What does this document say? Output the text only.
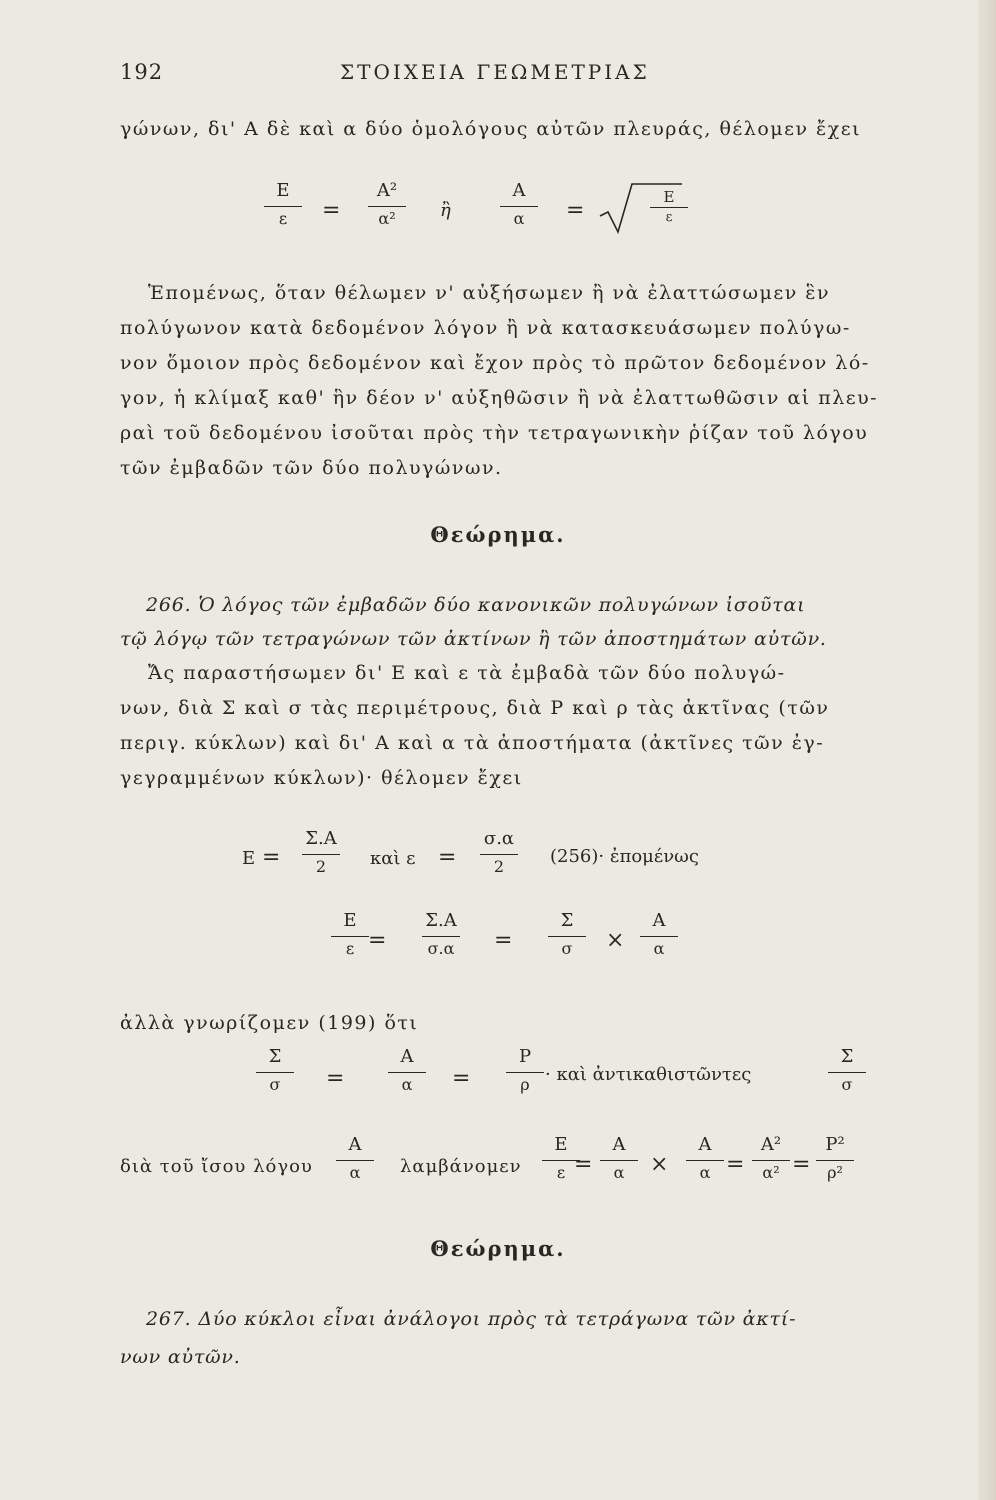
192	ΣΤΟΙΧΕΙΑ ΓΕΩΜΕΤΡΙΑΣ
γώνων, δι' Α δὲ καὶ α δύο ὁμολόγους αὐτῶν πλευράς, θέλομεν ἔχει
Ε
ε	=
Α²
α²	ἢ
Α
α	=
Ε
ε
Ἑπομένως, ὅταν θέλωμεν ν' αὐξήσωμεν ἢ νὰ ἐλαττώσωμεν ἓν
πολύγωνον κατὰ δεδομένον λόγον ἢ νὰ κατασκευάσωμεν πολύγω-
νον ὅμοιον πρὸς δεδομένον καὶ ἔχον πρὸς τὸ πρῶτον δεδομένον λό-
γον, ἡ κλίμαξ καθ' ἣν δέον ν' αὐξηθῶσιν ἢ νὰ ἐλαττωθῶσιν αἱ πλευ-
ραὶ τοῦ δεδομένου ἰσοῦται πρὸς τὴν τετραγωνικὴν ῥίζαν τοῦ λόγου
τῶν ἐμβαδῶν τῶν δύο πολυγώνων.
Θεώρημα.
266. Ὁ λόγος τῶν ἐμβαδῶν δύο κανονικῶν πολυγώνων ἰσοῦται
τῷ λόγῳ τῶν τετραγώνων τῶν ἀκτίνων ἢ τῶν ἀποστημάτων αὐτῶν.
Ἄς παραστήσωμεν δι' Ε καὶ ε τὰ ἐμβαδὰ τῶν δύο πολυγώ-
νων, διὰ Σ καὶ σ τὰς περιμέτρους, διὰ Ρ καὶ ρ τὰς ἀκτῖνας (τῶν
περιγ. κύκλων) καὶ δι' Α καὶ α τὰ ἀποστήματα (ἀκτῖνες τῶν ἐγ-
γεγραμμένων κύκλων)· θέλομεν ἔχει
Ε =
Σ.Α
2	καὶ ε =
σ.α
2	(256)· ἐπομένως
Ε
ε =
Σ.Α
σ.α	=
Σ
σ	×
Α
α
ἀλλὰ γνωρίζομεν (199) ὅτι
Σ
σ	=
Α
α	=
Ρ
ρ · καὶ ἀντικαθιστῶντες
Σ
σ
διὰ τοῦ ἴσου λόγου
Α
α	λαμβάνομεν
Ε
ε =
Α
α	×
Α
α =
Α²
α² =
Ρ²
ρ²
Θεώρημα.
267. Δύο κύκλοι εἶναι ἀνάλογοι πρὸς τὰ τετράγωνα τῶν ἀκτί-
νων αὐτῶν.
